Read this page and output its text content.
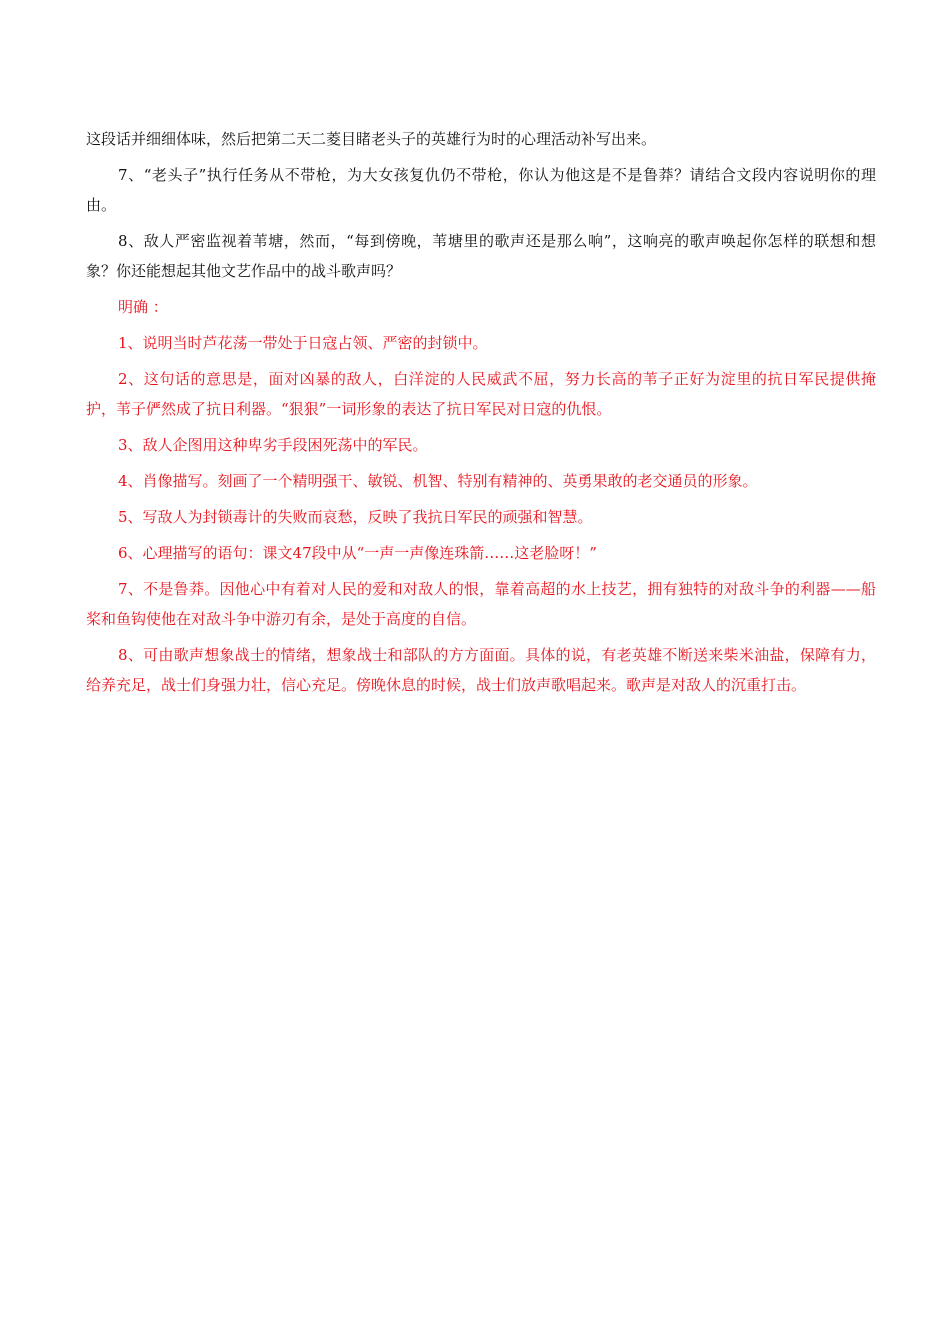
这段话并细细体味，然后把第二天二菱目睹老头子的英雄行为时的心理活动补写出来。

7、“老头子”执行任务从不带枪，为大女孩复仇仍不带枪，你认为他这是不是鲁莽？请结合文段内容说明你的理由。

8、敌人严密监视着苇塘，然而，“每到傍晚，苇塘里的歌声还是那么响”，这响亮的歌声唤起你怎样的联想和想象？你还能想起其他文艺作品中的战斗歌声吗？

明确 ：

1、说明当时芦花荡一带处于日寇占领、严密的封锁中。

2、这句话的意思是，面对凶暴的敌人，白洋淀的人民威武不屈，努力长高的苇子正好为淀里的抗日军民提供掩护，苇子俨然成了抗日利器。“狠狠”一词形象的表达了抗日军民对日寇的仇恨。

3、敌人企图用这种卑劣手段困死荡中的军民。

4、肖像描写。刻画了一个精明强干、敏锐、机智、特别有精神的、英勇果敢的老交通员的形象。

5、写敌人为封锁毒计的失败而哀愁，反映了我抗日军民的顽强和智慧。

6、心理描写的语句：课文47段中从“一声一声像连珠箭……这老脸呀！”

7、不是鲁莽。因他心中有着对人民的爱和对敌人的恨，靠着高超的水上技艺，拥有独特的对敌斗争的利器——船桨和鱼钩使他在对敌斗争中游刃有余，是处于高度的自信。

8、可由歌声想象战士的情绪，想象战士和部队的方方面面。具体的说，有老英雄不断送来柴米油盐，保障有力，给养充足，战士们身强力壮，信心充足。傍晚休息的时候，战士们放声歌唱起来。歌声是对敌人的沉重打击。
